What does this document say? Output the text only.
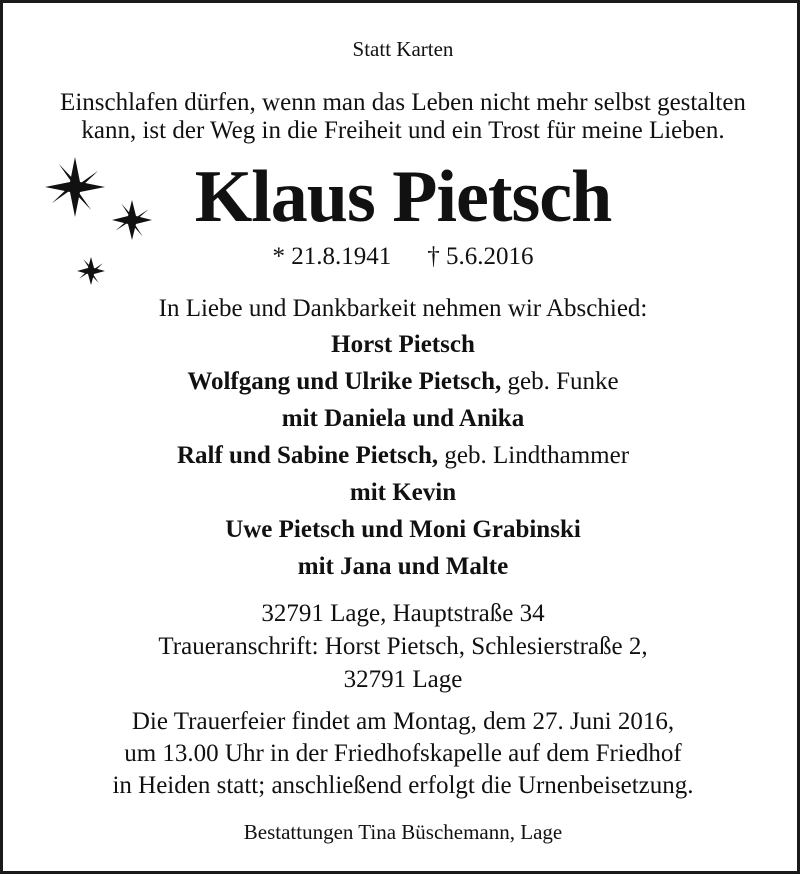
Statt Karten
Einschlafen dürfen, wenn man das Leben nicht mehr selbst gestalten
kann, ist der Weg in die Freiheit und ein Trost für meine Lieben.
Klaus Pietsch
* 21.8.1941 † 5.6.2016
In Liebe und Dankbarkeit nehmen wir Abschied:
Horst Pietsch
Wolfgang und Ulrike Pietsch, geb. Funke
mit Daniela und Anika
Ralf und Sabine Pietsch, geb. Lindthammer
mit Kevin
Uwe Pietsch und Moni Grabinski
mit Jana und Malte
32791 Lage, Hauptstraße 34
Traueranschrift: Horst Pietsch, Schlesierstraße 2,
32791 Lage
Die Trauerfeier findet am Montag, dem 27. Juni 2016,
um 13.00 Uhr in der Friedhofskapelle auf dem Friedhof
in Heiden statt; anschließend erfolgt die Urnenbeisetzung.
Bestattungen Tina Büschemann, Lage
